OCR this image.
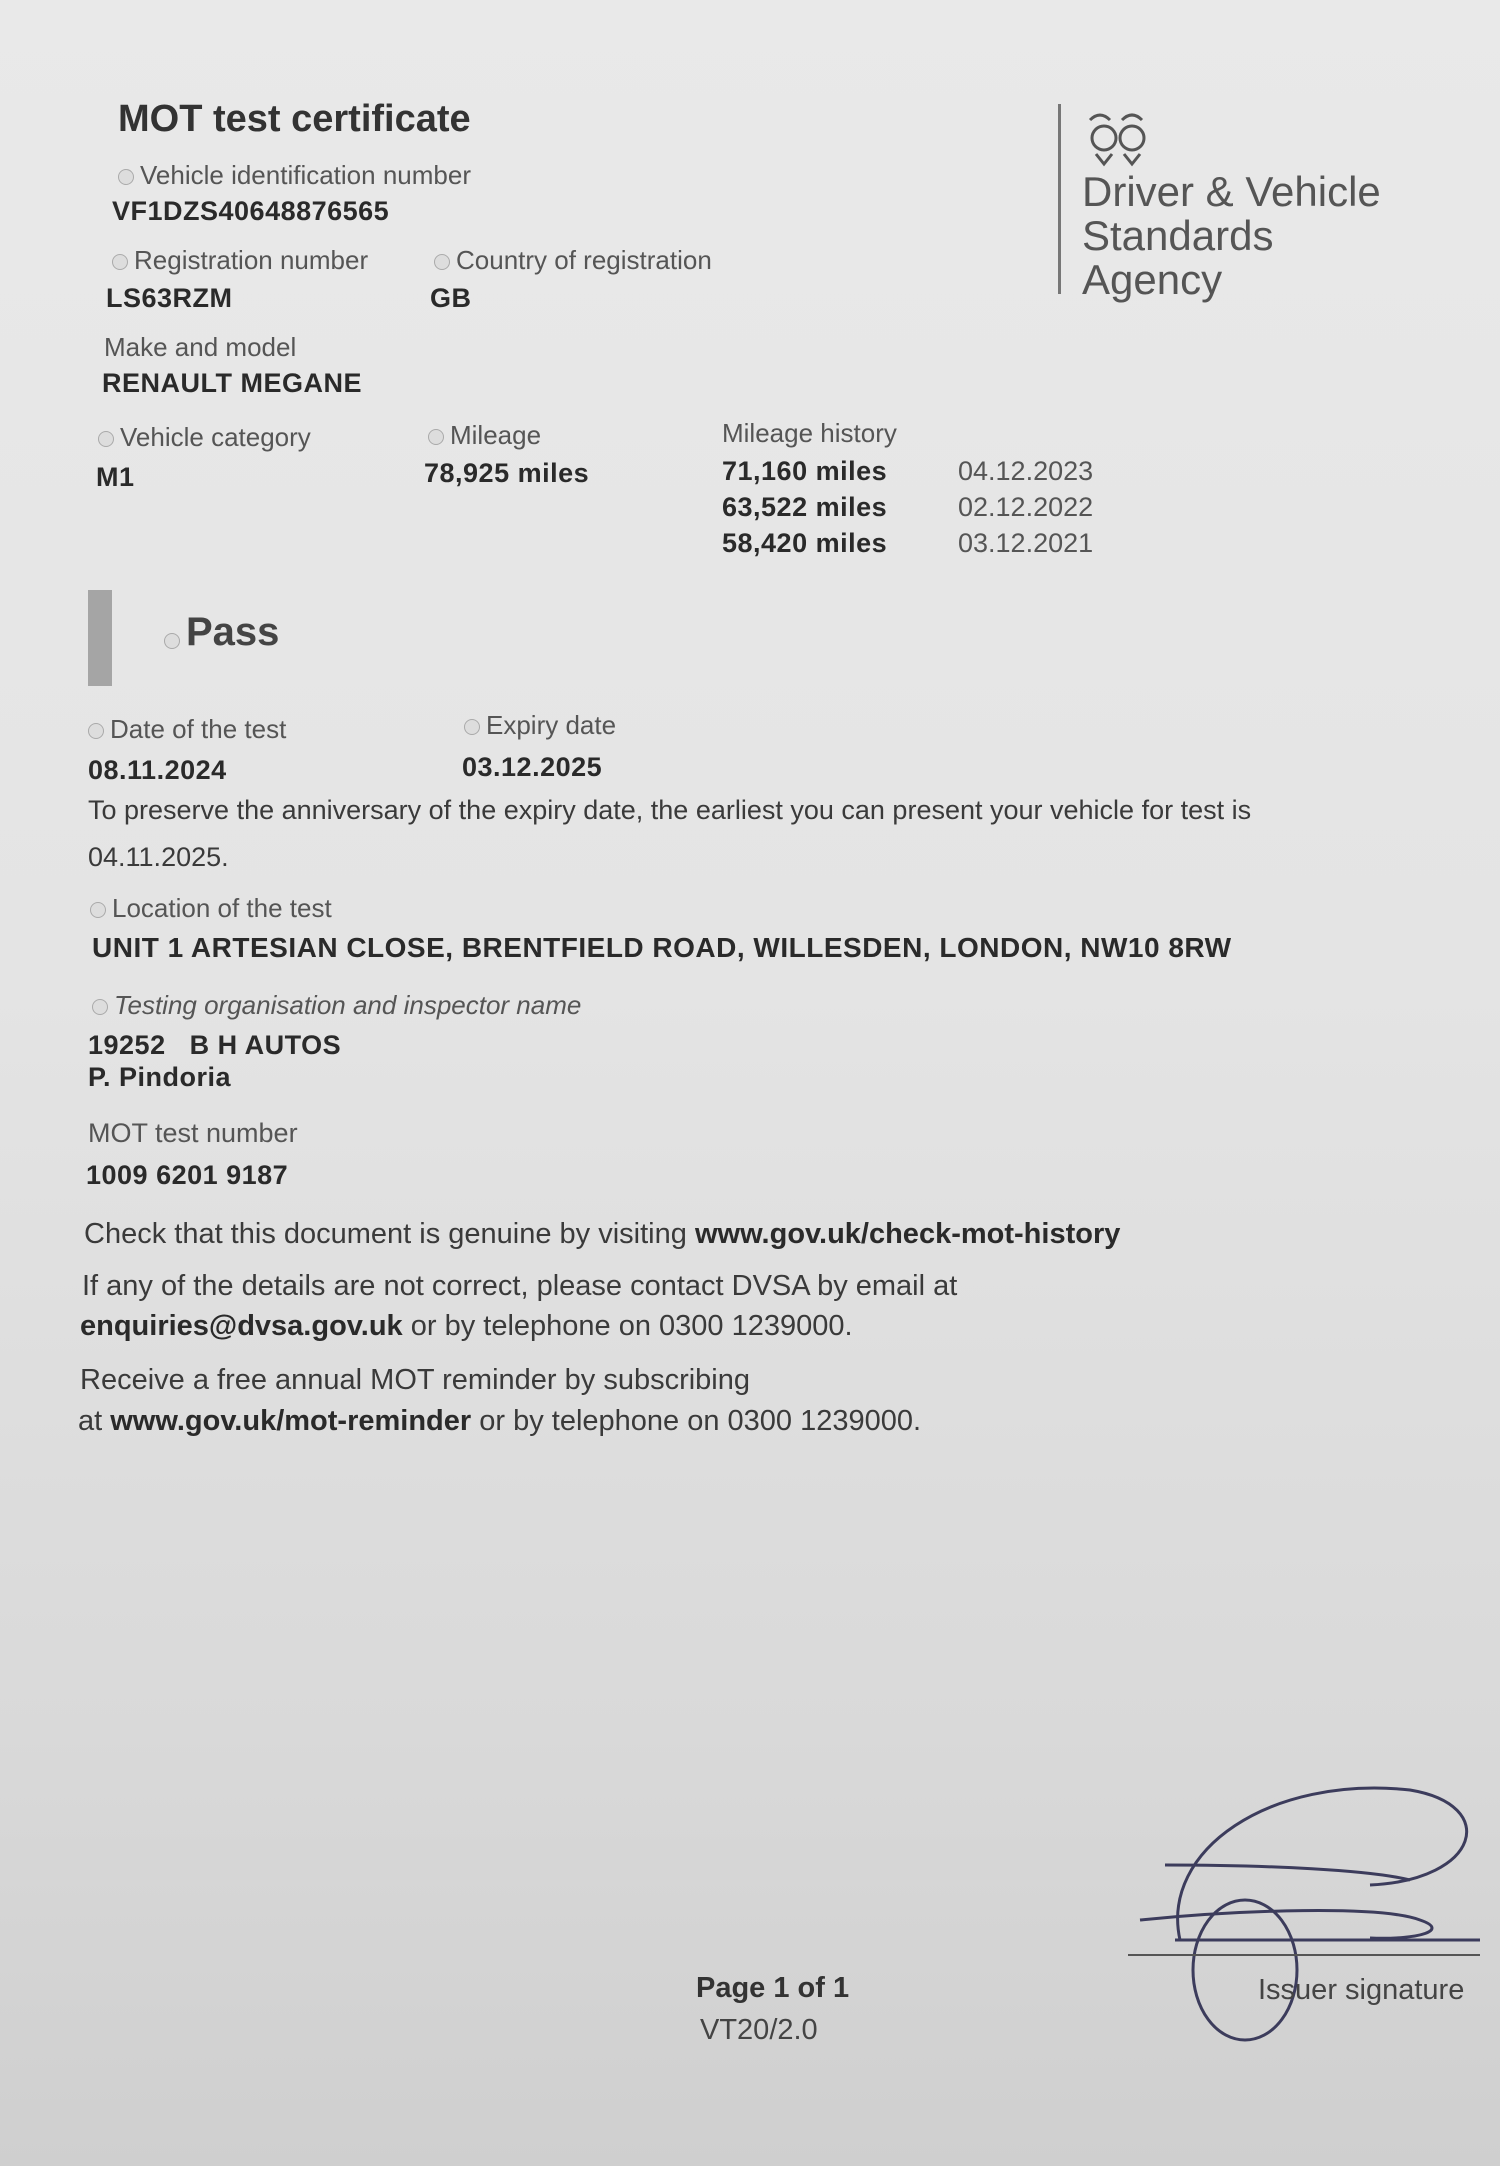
MOT test certificate
Driver & Vehicle
Standards
Agency
Vehicle identification number
VF1DZS40648876565
Registration number
LS63RZM
Country of registration
GB
Make and model
RENAULT MEGANE
Vehicle category
M1
Mileage
78,925 miles
Mileage history
71,160 miles	04.12.2023
63,522 miles	02.12.2022
58,420 miles	03.12.2021
Pass
Date of the test
08.11.2024
Expiry date
03.12.2025
To preserve the anniversary of the expiry date, the earliest you can present your vehicle for test is
04.11.2025.
Location of the test
UNIT 1 ARTESIAN CLOSE, BRENTFIELD ROAD, WILLESDEN, LONDON, NW10 8RW
Testing organisation and inspector name
19252   B H AUTOS
P. Pindoria
MOT test number
1009 6201 9187
Check that this document is genuine by visiting www.gov.uk/check-mot-history
If any of the details are not correct, please contact DVSA by email at
enquiries@dvsa.gov.uk or by telephone on 0300 1239000.
Receive a free annual MOT reminder by subscribing
at www.gov.uk/mot-reminder or by telephone on 0300 1239000.
Page 1 of 1
VT20/2.0
Issuer signature
